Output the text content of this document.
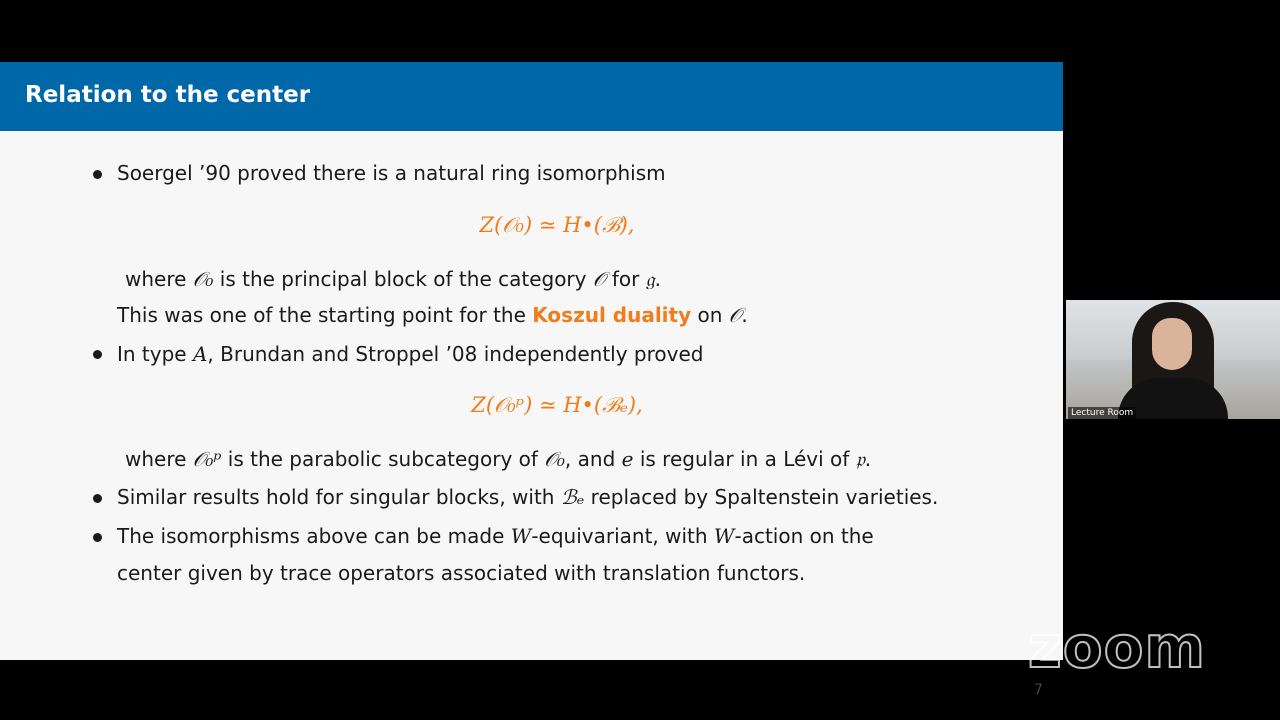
Relation to the center
Soergel ’90 proved there is a natural ring isomorphism
Z(𝒪₀) ≃ H•(ℬ),
where 𝒪₀ is the principal block of the category 𝒪 for 𝔤.
This was one of the starting point for the Koszul duality on 𝒪.
In type A, Brundan and Stroppel ’08 independently proved
Z(𝒪₀ᵖ) ≃ H•(ℬₑ),
where 𝒪₀ᵖ is the parabolic subcategory of 𝒪₀, and e is regular in a Lévi of 𝔭.
Similar results hold for singular blocks, with ℬₑ replaced by Spaltenstein varieties.
The isomorphisms above can be made W-equivariant, with W-action on the
center given by trace operators associated with translation functors.
7
Lecture Room
zoom
